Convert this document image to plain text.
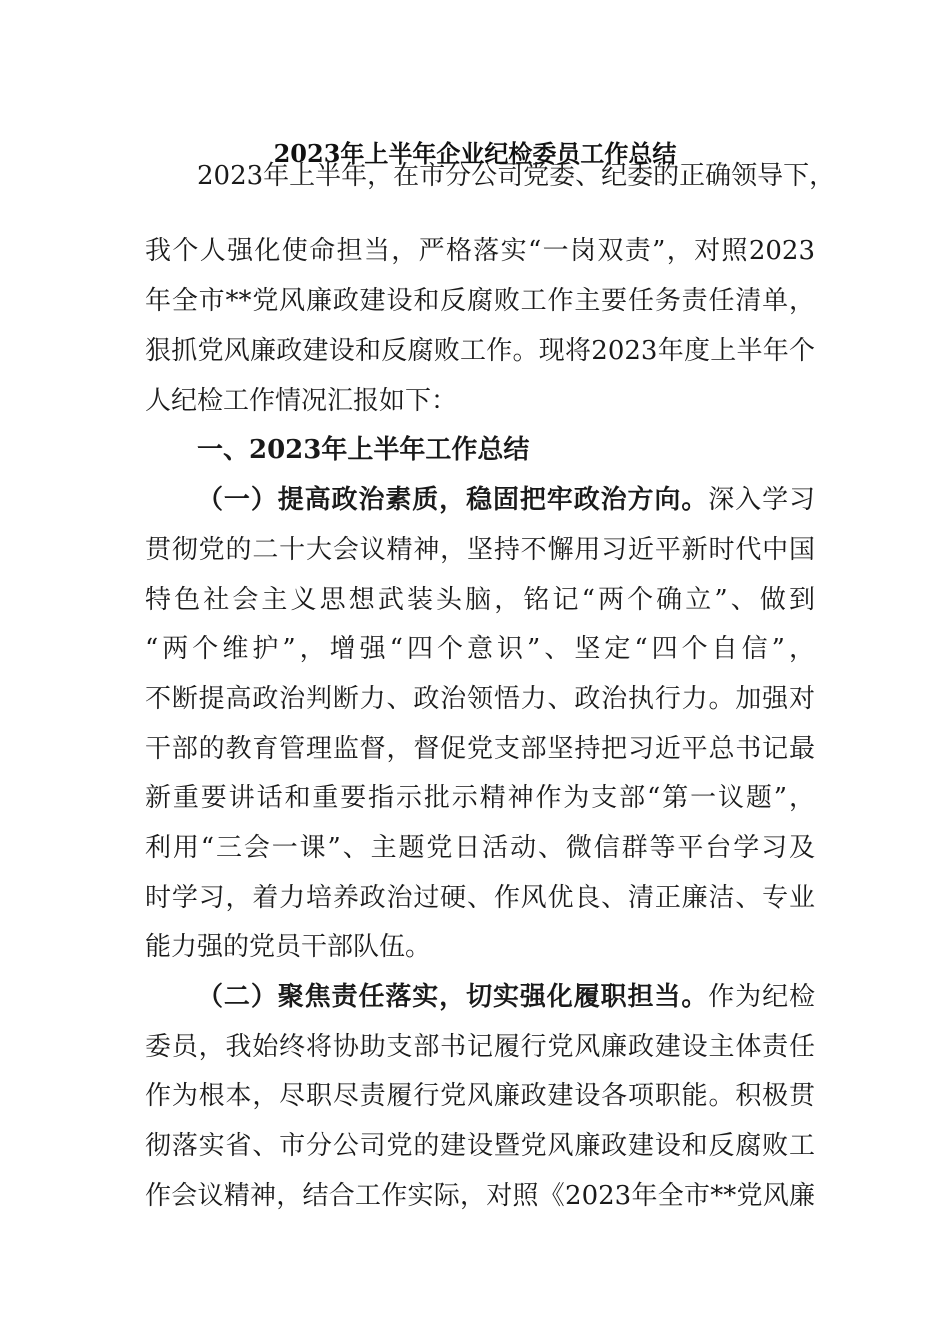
2023年上半年企业纪检委员工作总结
2023年上半年，在市分公司党委、纪委的正确领导下，
我个人强化使命担当，严格落实“一岗双责”，对照2023
年全市**党风廉政建设和反腐败工作主要任务责任清单，
狠抓党风廉政建设和反腐败工作。现将2023年度上半年个
人纪检工作情况汇报如下：
一、2023年上半年工作总结
（一）提高政治素质，稳固把牢政治方向。深入学习
贯彻党的二十大会议精神，坚持不懈用习近平新时代中国
特色社会主义思想武装头脑，铭记“两个确立”、做到
“两个维护”，增强“四个意识”、坚定“四个自信”，
不断提高政治判断力、政治领悟力、政治执行力。加强对
干部的教育管理监督，督促党支部坚持把习近平总书记最
新重要讲话和重要指示批示精神作为支部“第一议题”，
利用“三会一课”、主题党日活动、微信群等平台学习及
时学习，着力培养政治过硬、作风优良、清正廉洁、专业
能力强的党员干部队伍。
（二）聚焦责任落实，切实强化履职担当。作为纪检
委员，我始终将协助支部书记履行党风廉政建设主体责任
作为根本，尽职尽责履行党风廉政建设各项职能。积极贯
彻落实省、市分公司党的建设暨党风廉政建设和反腐败工
作会议精神，结合工作实际，对照《2023年全市**党风廉
